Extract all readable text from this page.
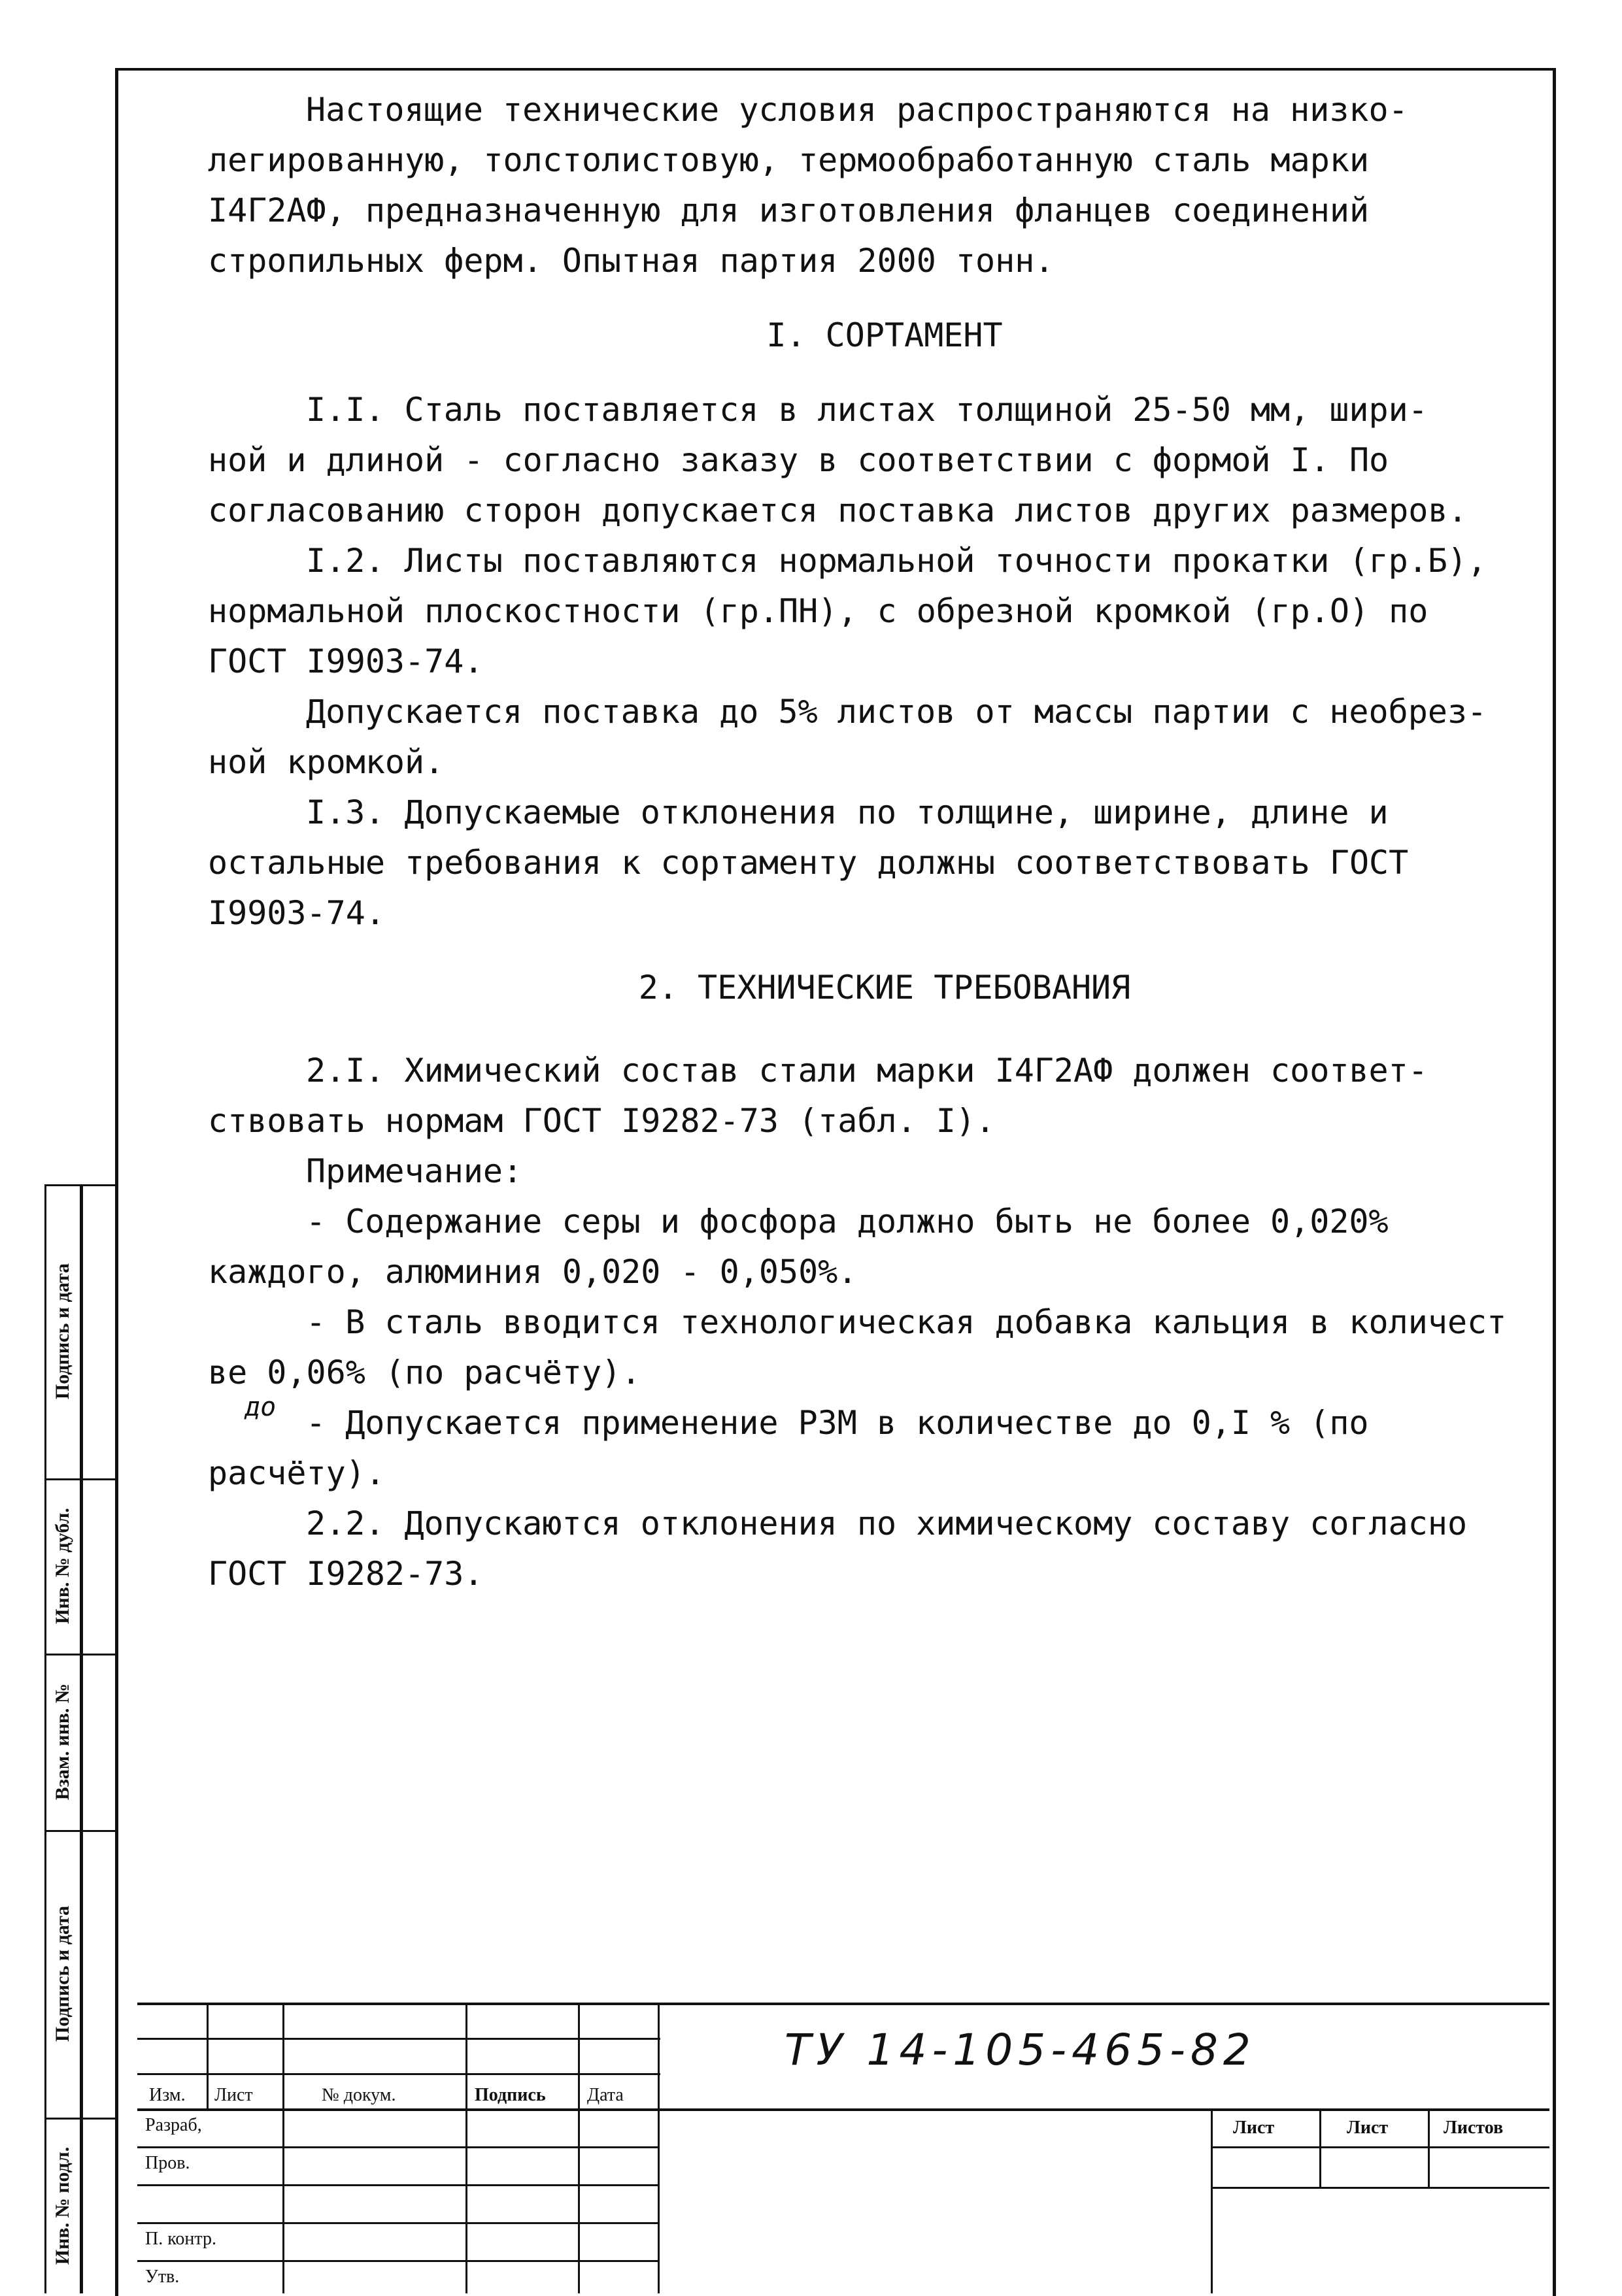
Настоящие технические условия распространяются на низко-

легированную, толстолистовую, термообработанную сталь марки

I4Г2АФ, предназначенную для изготовления фланцев соединений

стропильных ферм. Опытная партия 2000 тонн.

I. СОРТАМЕНТ

I.I. Сталь поставляется в листах толщиной 25-50 мм, шири-

ной и длиной - согласно заказу в соответствии с формой I. По

согласованию сторон допускается поставка листов других размеров.

I.2. Листы поставляются нормальной точности прокатки (гр.Б),

нормальной плоскостности (гр.ПН), с обрезной кромкой (гр.О) по

ГОСТ I9903-74.

Допускается поставка до 5% листов от массы партии с необрез-

ной кромкой.

I.3. Допускаемые отклонения по толщине, ширине, длине и

остальные требования к сортаменту должны соответствовать ГОСТ

I9903-74.

2. ТЕХНИЧЕСКИЕ ТРЕБОВАНИЯ

2.I. Химический состав стали марки I4Г2АФ должен соответ-

ствовать нормам ГОСТ I9282-73 (табл. I).

Примечание:

- Содержание серы и фосфора должно быть не более 0,020%

каждого, алюминия 0,020 - 0,050%.

- В сталь вводится технологическая добавка кальция в количест

ве 0,06% (по расчёту).

- Допускается применение РЗМ в количестве до 0,I % (по

расчёту).

2.2. Допускаются отклонения по химическому составу согласно

ГОСТ I9282-73.

до
Подпись и дата
Инв. № дубл.
Взам. инв. №
Подпись и дата
Инв. № подл.
Изм. Лист	№ докум.	Подпись Дата
ТУ 14-105-465-82
Разраб,
Пров.
П. контр.
Утв.
Лист	Лист	Листов
